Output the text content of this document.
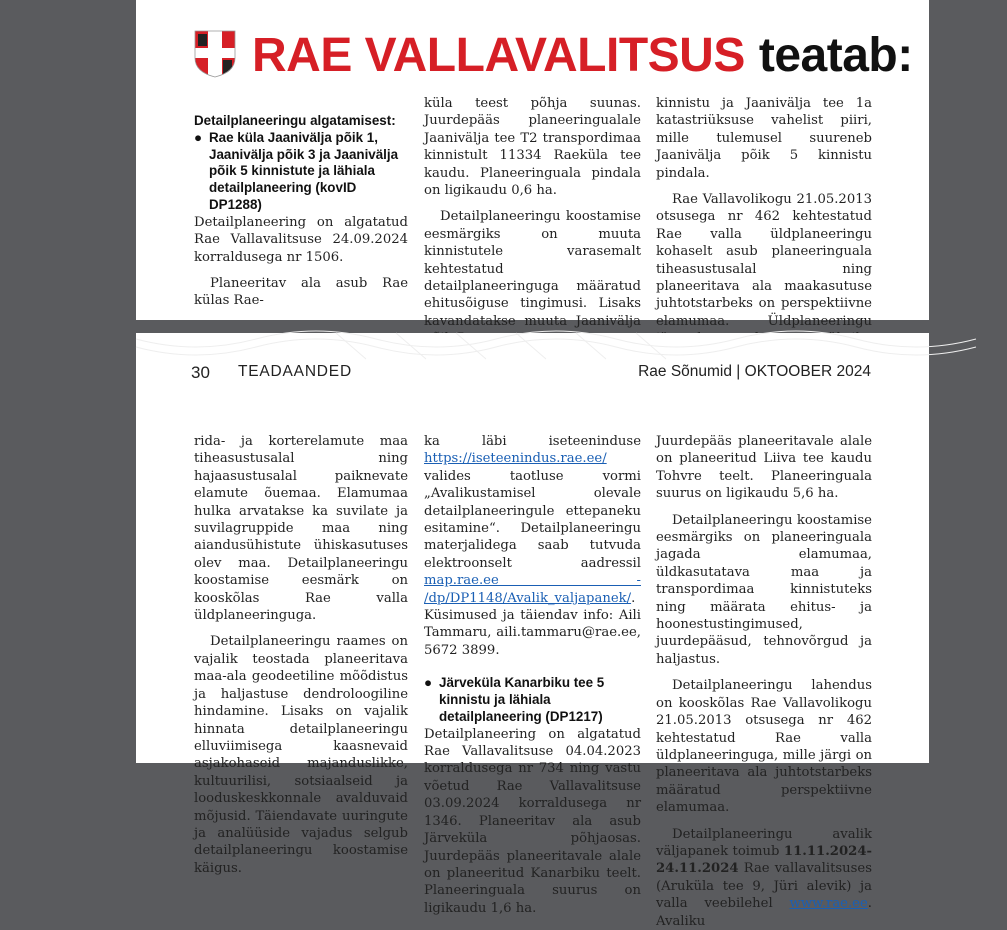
RAE VALLAVALITSUS teatab:
Detailplaneeringu algatamisest:
● Rae küla Jaanivälja põik 1, Jaanivälja põik 3 ja Jaanivälja põik 5 kinnistute ja lähiala detailplaneering (kovID DP1288)

Detailplaneering on algatatud Rae Vallavalitsuse 24.09.2024 korraldusega nr 1506.

Planeeritav ala asub Rae külas Rae-

küla teest põhja suunas. Juurdepääs planeeringualale Jaanivälja tee T2 transpordimaa kinnistult 11334 Raeküla tee kaudu. Planeeringuala pindala on ligikaudu 0,6 ha.

Detailplaneeringu koostamise eesmärgiks on muuta kinnistutele varasemalt kehtestatud detailplaneeringuga määratud ehitusõiguse tingimusi. Lisaks kavandatakse muuta Jaanivälja

kinnistu ja Jaanivälja tee 1a katastriüksuse vahelist piiri, mille tulemusel suureneb Jaanivälja põik 5 kinnistu pindala.

Rae Vallavolikogu 21.05.2013 otsusega nr 462 kehtestatud Rae valla üldplaneeringu kohaselt asub planeeringuala tiheasustusalal ning planeeritava ala maakasutuse juhtotstarbeks on perspektiivne elamumaa. Üldplaneeringu

30 TEADAANDED	Rae Sõnumid | OKTOOBER 2024

rida- ja korterelamute maa tiheasustusalal ning hajaasustusalal paiknevate elamute õuemaa. Elamumaa hulka arvatakse ka suvilate ja suvilagruppide maa ning aiandusühistute ühiskasutuses olev maa. Detailplaneeringu koostamise eesmärk on kooskõlas Rae valla üldplaneeringuga.

Detailplaneeringu raames on vajalik teostada planeeritava maa-ala geodeetiline mõõdistus ja haljastuse dendroloogiline hindamine. Lisaks on vajalik hinnata detailplaneeringu elluviimisega kaasnevaid asjakohaseid majanduslikke, kultuurilisi, sotsiaalseid ja looduskeskkonnale avalduvaid mõjusid. Täiendavate uuringute ja analüüside vajadus selgub detailplaneeringu koostamise käigus.

ka läbi iseteeninduse https://iseteenindus.rae.ee/ valides taotluse vormi „Avalikustamisel olevale detailplaneeringule ettepaneku esitamine“. Detailplaneeringu materjalidega saab tutvuda elektroonselt aadressil map.rae.ee - /dp/DP1148/Avalik_valjapanek/. Küsimused ja täiendav info: Aili Tammaru, aili.tammaru@rae.ee, 5672 3899.

● Järveküla Kanarbiku tee 5 kinnistu ja lähiala detailplaneering (DP1217)

Detailplaneering on algatatud Rae Vallavalitsuse 04.04.2023 korraldusega nr 734 ning vastu võetud Rae Vallavalitsuse 03.09.2024 korraldusega nr 1346. Planeeritav ala asub Järveküla põhjaosas. Juurdepääs planeeritavale alale on planeeritud Kanarbiku teelt. Planeeringuala suurus on ligikaudu 1,6 ha.

Juurdepääs planeeritavale alale on planeeritud Liiva tee kaudu Tohvre teelt. Planeeringuala suurus on ligikaudu 5,6 ha.

Detailplaneeringu koostamise eesmärgiks on planeeringuala jagada elamumaa, üldkasutatava maa ja transpordimaa kinnistuteks ning määrata ehitus- ja hoonestustingimused, juurdepääsud, tehnovõrgud ja haljastus.

Detailplaneeringu lahendus on kooskõlas Rae Vallavolikogu 21.05.2013 otsusega nr 462 kehtestatud Rae valla üldplaneeringuga, mille järgi on planeeritava ala juhtotstarbeks määratud perspektiivne elamumaa.

Detailplaneeringu avalik väljapanek toimub 11.11.2024-24.11.2024 Rae vallavalitsuses (Aruküla tee 9, Jüri alevik) ja valla veebilehel www.rae.ee. Avaliku
